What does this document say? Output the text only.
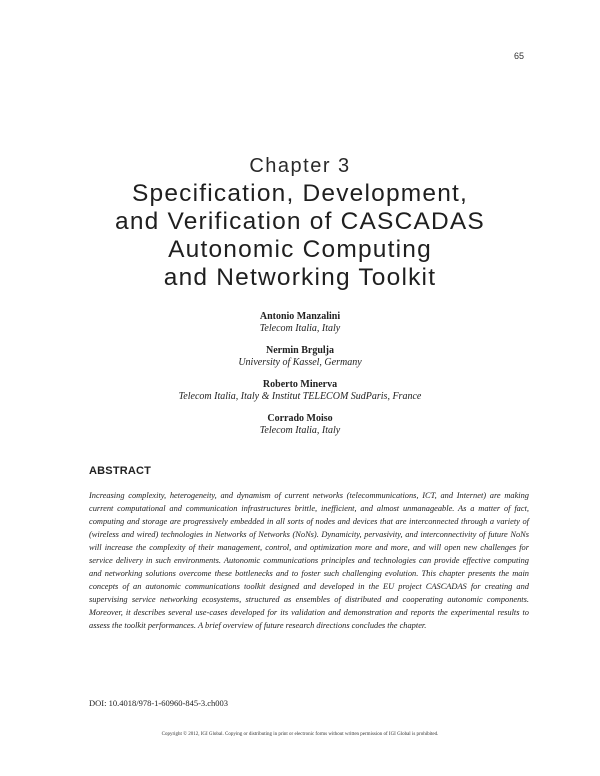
65
Chapter 3
Specification, Development,
and Verification of CASCADAS
Autonomic Computing
and Networking Toolkit
Antonio Manzalini
Telecom Italia, Italy
Nermin Brgulja
University of Kassel, Germany
Roberto Minerva
Telecom Italia, Italy & Institut TELECOM SudParis, France
Corrado Moiso
Telecom Italia, Italy
ABSTRACT
Increasing complexity, heterogeneity, and dynamism of current networks (telecommunications, ICT, and Internet) are making current computational and communication infrastructures brittle, inefficient, and almost unmanageable. As a matter of fact, computing and storage are progressively embedded in all sorts of nodes and devices that are interconnected through a variety of (wireless and wired) technologies in Networks of Networks (NoNs). Dynamicity, pervasivity, and interconnectivity of future NoNs will increase the complexity of their management, control, and optimization more and more, and will open new challenges for service delivery in such environments. Autonomic communications principles and technologies can provide effective computing and networking solutions overcome these bottlenecks and to foster such challenging evolution. This chapter presents the main concepts of an autonomic communications toolkit designed and developed in the EU project CASCADAS for creating and supervising service networking ecosystems, structured as ensembles of distributed and cooperating autonomic components. Moreover, it describes several use-cases developed for its validation and demonstration and reports the experimental results to assess the toolkit performances. A brief overview of future research directions concludes the chapter.
DOI: 10.4018/978-1-60960-845-3.ch003
Copyright © 2012, IGI Global. Copying or distributing in print or electronic forms without written permission of IGI Global is prohibited.
